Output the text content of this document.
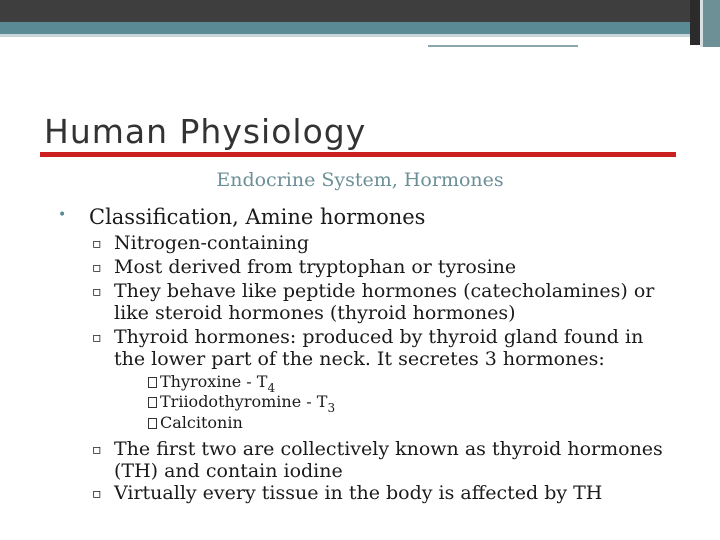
Human Physiology

Endocrine System, Hormones

• Classification, Amine hormones

▫ Nitrogen-containing

▫ Most derived from tryptophan or tyrosine

▫ They behave like peptide hormones (catecholamines) or

like steroid hormones (thyroid hormones)

▫ Thyroid hormones: produced by thyroid gland found in

the lower part of the neck. It secretes 3 hormones:

Thyroxine - $T_4$

Triiodothyromine - $T_3$

Calcitonin

▫ The first two are collectively known as thyroid hormones

(TH) and contain iodine

▫ Virtually every tissue in the body is affected by TH
